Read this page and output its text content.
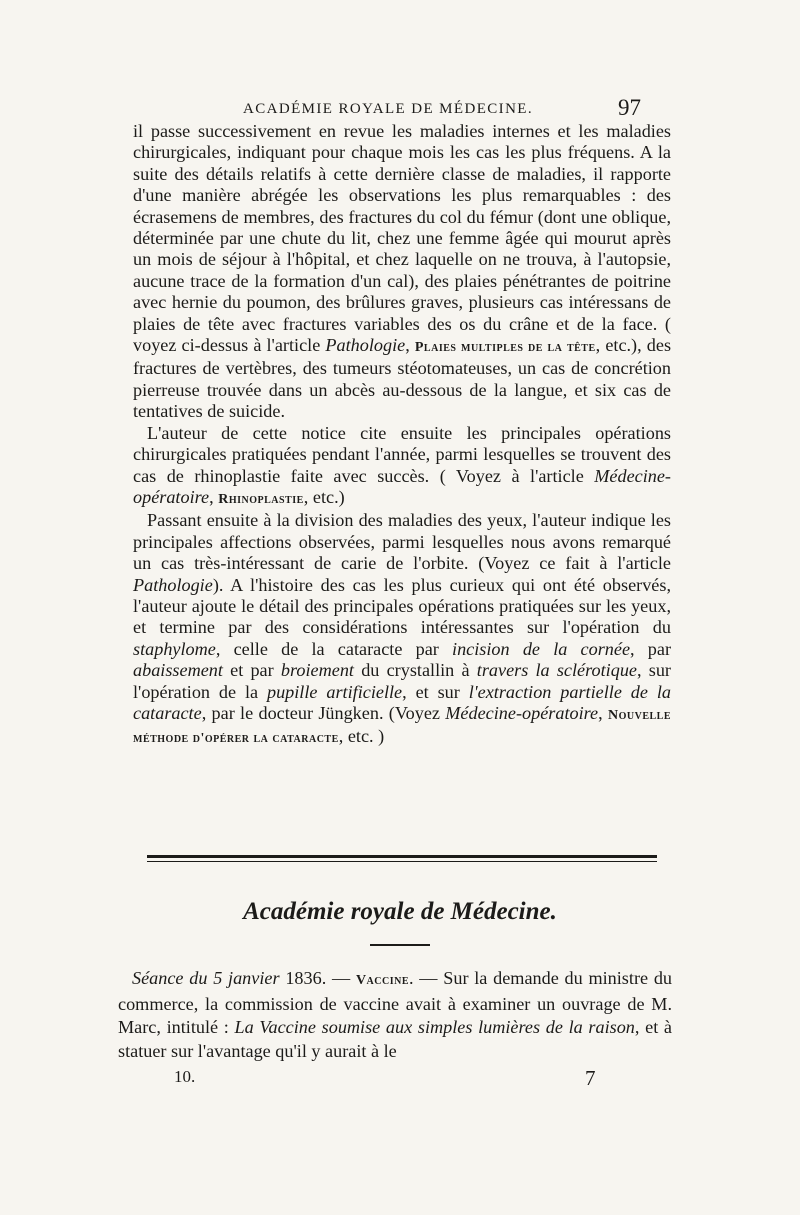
ACADÉMIE ROYALE DE MÉDECINE.	97

il passe successivement en revue les maladies internes et les maladies chirurgicales, indiquant pour chaque mois les cas les plus fréquens. A la suite des détails relatifs à cette dernière classe de maladies, il rapporte d'une manière abrégée les observations les plus remarquables : des écrasemens de membres, des fractures du col du fémur (dont une oblique, déterminée par une chute du lit, chez une femme âgée qui mourut après un mois de séjour à l'hôpital, et chez laquelle on ne trouva, à l'autopsie, aucune trace de la formation d'un cal), des plaies pénétrantes de poitrine avec hernie du poumon, des brûlures graves, plusieurs cas intéressans de plaies de tête avec fractures variables des os du crâne et de la face. ( voyez ci-dessus à l'article Pathologie, Plaies multiples de la tête, etc.), des fractures de vertèbres, des tumeurs stéotomateuses, un cas de concrétion pierreuse trouvée dans un abcès au-dessous de la langue, et six cas de tentatives de suicide.

L'auteur de cette notice cite ensuite les principales opérations chirurgicales pratiquées pendant l'année, parmi lesquelles se trouvent des cas de rhinoplastie faite avec succès. ( Voyez à l'article Médecine-opératoire, Rhinoplastie, etc.)

Passant ensuite à la division des maladies des yeux, l'auteur indique les principales affections observées, parmi lesquelles nous avons remarqué un cas très-intéressant de carie de l'orbite. (Voyez ce fait à l'article Pathologie). A l'histoire des cas les plus curieux qui ont été observés, l'auteur ajoute le détail des principales opérations pratiquées sur les yeux, et termine par des considérations intéressantes sur l'opération du staphylome, celle de la cataracte par incision de la cornée, par abaissement et par broiement du crystallin à travers la sclérotique, sur l'opération de la pupille artificielle, et sur l'extraction partielle de la cataracte, par le docteur Jüngken. (Voyez Médecine-opératoire, Nouvelle méthode d'opérer la cataracte, etc. )

Académie royale de Médecine.

Séance du 5 janvier 1836. — Vaccine. — Sur la demande du ministre du commerce, la commission de vaccine avait à examiner un ouvrage de M. Marc, intitulé : La Vaccine soumise aux simples lumières de la raison, et à statuer sur l'avantage qu'il y aurait à le

10.	7
